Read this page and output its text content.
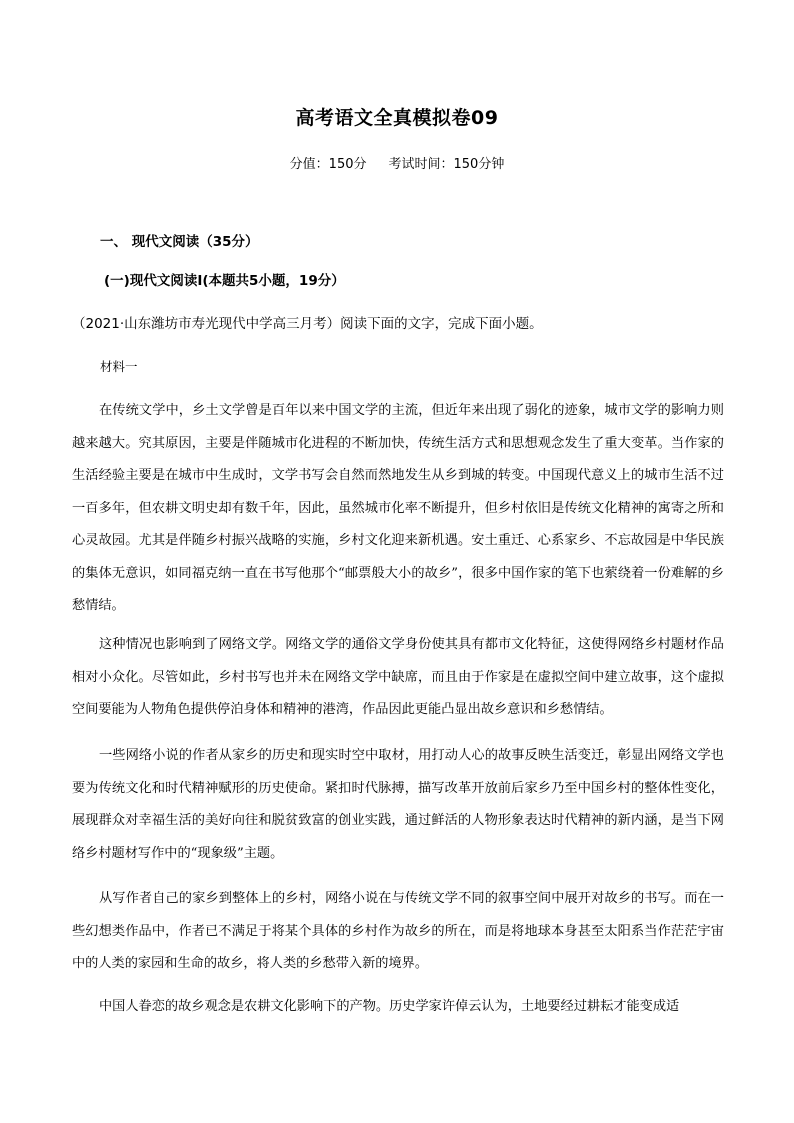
高考语文全真模拟卷09
分值：150分 考试时间：150分钟
一、 现代文阅读（35分）
(一)现代文阅读Ⅰ(本题共5小题，19分）
（2021·山东潍坊市寿光现代中学高三月考）阅读下面的文字，完成下面小题。
材料一

在传统文学中，乡土文学曾是百年以来中国文学的主流，但近年来出现了弱化的迹象，城市文学的影响力则越来越大。究其原因，主要是伴随城市化进程的不断加快，传统生活方式和思想观念发生了重大变革。当作家的生活经验主要是在城市中生成时，文学书写会自然而然地发生从乡到城的转变。中国现代意义上的城市生活不过一百多年，但农耕文明史却有数千年，因此，虽然城市化率不断提升，但乡村依旧是传统文化精神的寓寄之所和心灵故园。尤其是伴随乡村振兴战略的实施，乡村文化迎来新机遇。安土重迁、心系家乡、不忘故园是中华民族的集体无意识，如同福克纳一直在书写他那个“邮票般大小的故乡”，很多中国作家的笔下也萦绕着一份难解的乡愁情结。

这种情况也影响到了网络文学。网络文学的通俗文学身份使其具有都市文化特征，这使得网络乡村题材作品相对小众化。尽管如此，乡村书写也并未在网络文学中缺席，而且由于作家是在虚拟空间中建立故事，这个虚拟空间要能为人物角色提供停泊身体和精神的港湾，作品因此更能凸显出故乡意识和乡愁情结。

一些网络小说的作者从家乡的历史和现实时空中取材，用打动人心的故事反映生活变迁，彰显出网络文学也要为传统文化和时代精神赋形的历史使命。紧扣时代脉搏，描写改革开放前后家乡乃至中国乡村的整体性变化，展现群众对幸福生活的美好向往和脱贫致富的创业实践，通过鲜活的人物形象表达时代精神的新内涵，是当下网络乡村题材写作中的“现象级”主题。

从写作者自己的家乡到整体上的乡村，网络小说在与传统文学不同的叙事空间中展开对故乡的书写。而在一些幻想类作品中，作者已不满足于将某个具体的乡村作为故乡的所在，而是将地球本身甚至太阳系当作茫茫宇宙中的人类的家园和生命的故乡，将人类的乡愁带入新的境界。

中国人眷恋的故乡观念是农耕文化影响下的产物。历史学家许倬云认为，土地要经过耕耘才能变成适
